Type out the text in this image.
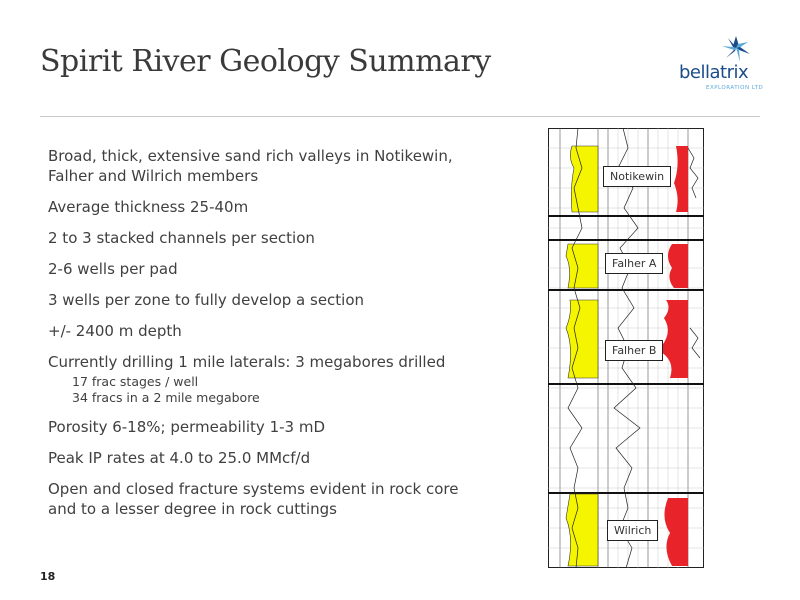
Spirit River Geology Summary	bellatrix
EXPLORATION LTD

Broad, thick, extensive sand rich valleys in Notikewin, Falher and Wilrich members

Average thickness 25-40m

2 to 3 stacked channels per section

2-6 wells per pad

3 wells per zone to fully develop a section

+/- 2400 m depth

Currently drilling 1 mile laterals: 3 megabores drilled

17 frac stages / well
34 fracs in a 2 mile megabore

Porosity 6-18%; permeability 1-3 mD

Peak IP rates at 4.0 to 25.0 MMcf/d

Open and closed fracture systems evident in rock core and to a lesser degree in rock cuttings

Notikewin
Falher A
Falher B
Wilrich
18
